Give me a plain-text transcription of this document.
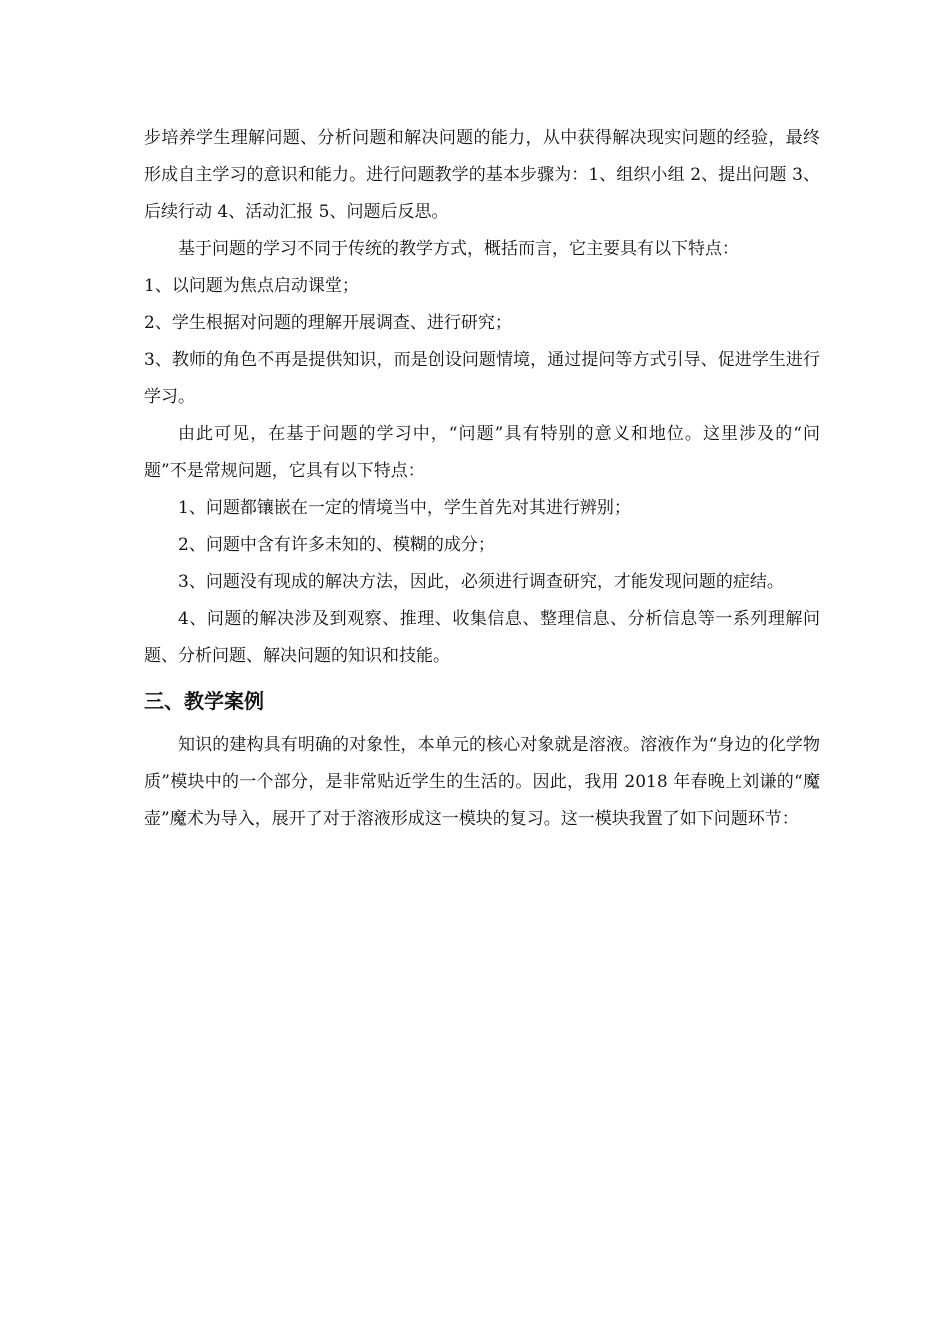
步培养学生理解问题、分析问题和解决问题的能力，从中获得解决现实问题的经验，最终形成自主学习的意识和能力。进行问题教学的基本步骤为：1、组织小组 2、提出问题 3、后续行动 4、活动汇报 5、问题后反思。

基于问题的学习不同于传统的教学方式，概括而言，它主要具有以下特点：

1、以问题为焦点启动课堂；

2、学生根据对问题的理解开展调查、进行研究；

3、教师的角色不再是提供知识，而是创设问题情境，通过提问等方式引导、促进学生进行学习。

由此可见，在基于问题的学习中，“问题”具有特别的意义和地位。这里涉及的“问题”不是常规问题，它具有以下特点：

1、问题都镶嵌在一定的情境当中，学生首先对其进行辨别；

2、问题中含有许多未知的、模糊的成分；

3、问题没有现成的解决方法，因此，必须进行调查研究，才能发现问题的症结。

4、问题的解决涉及到观察、推理、收集信息、整理信息、分析信息等一系列理解问题、分析问题、解决问题的知识和技能。

三、教学案例

知识的建构具有明确的对象性，本单元的核心对象就是溶液。溶液作为“身边的化学物质”模块中的一个部分，是非常贴近学生的生活的。因此，我用 2018 年春晚上刘谦的“魔壶”魔术为导入，展开了对于溶液形成这一模块的复习。这一模块我置了如下问题环节：
